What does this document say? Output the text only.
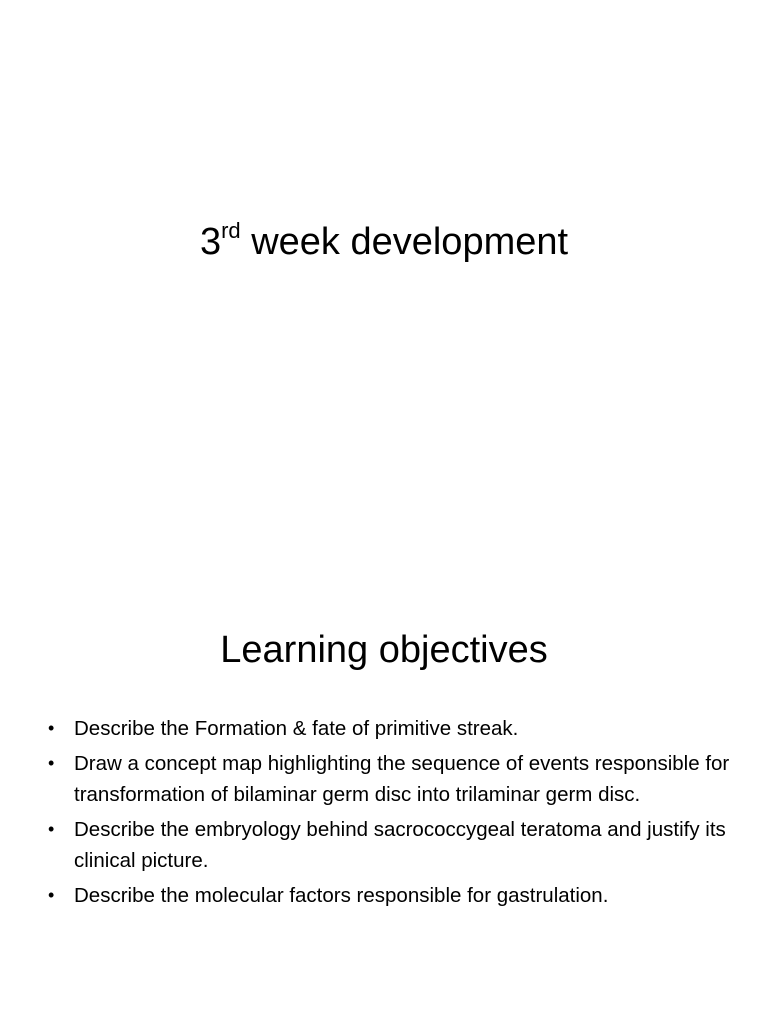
3rd week development
Learning objectives
• Describe the Formation & fate of primitive streak.
• Draw a concept map highlighting the sequence of events responsible for transformation of bilaminar germ disc into trilaminar germ disc.
• Describe the embryology behind sacrococcygeal teratoma and justify its clinical picture.
• Describe the molecular factors responsible for gastrulation.
